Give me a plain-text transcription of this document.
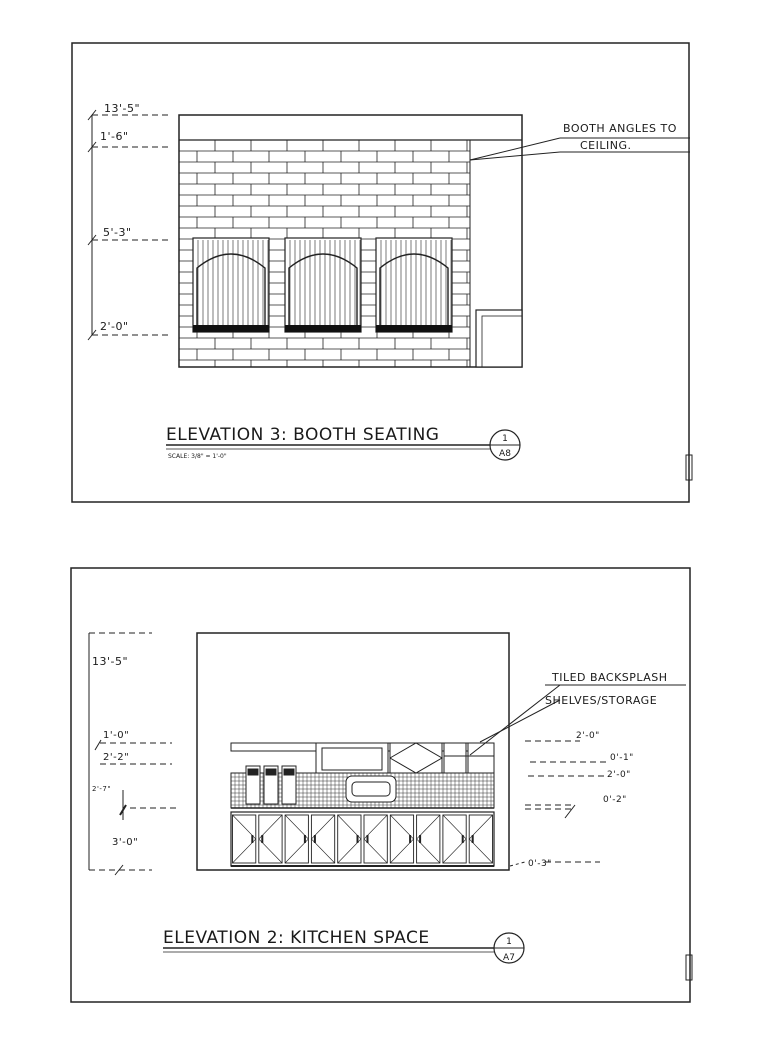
BOOTH ANGLES TO
CEILING.
13'-5"
1'-6"
5'-3"
2'-0"
ELEVATION 3: BOOTH SEATING
SCALE: 3/8" = 1'-0"
1
A8
TILED BACKSPLASH
SHELVES/STORAGE
13'-5"
1'-0"
2'-2"
2'-7"
3'-0"
2'-0"
0'-1"
2'-0"
0'-2"
0'-3"
ELEVATION 2: KITCHEN SPACE	1
A7
